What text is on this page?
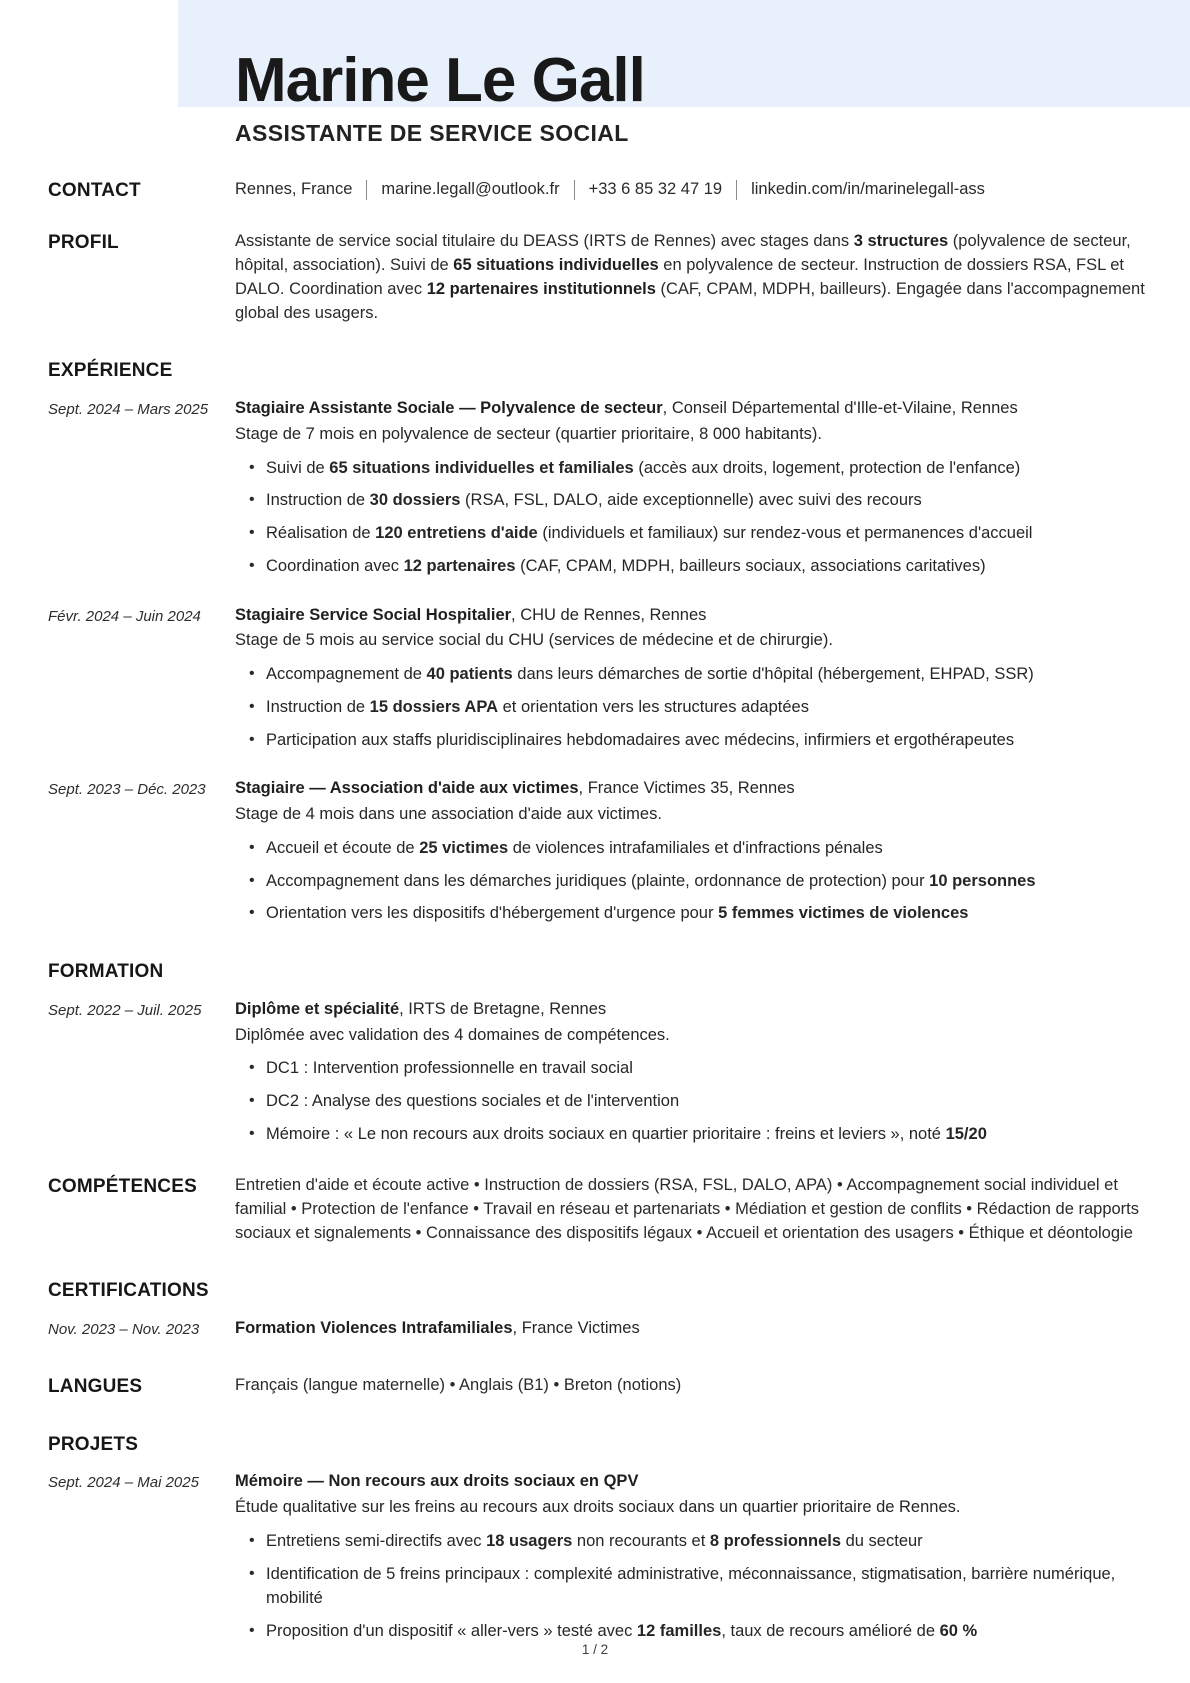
Marine Le Gall
ASSISTANTE DE SERVICE SOCIAL
CONTACT	Rennes, France marine.legall@outlook.fr +33 6 85 32 47 19 linkedin.com/in/marinelegall-ass
PROFIL	Assistante de service social titulaire du DEASS (IRTS de Rennes) avec stages dans 3 structures (polyvalence de secteur, hôpital, association). Suivi de 65 situations individuelles en polyvalence de secteur. Instruction de dossiers RSA, FSL et DALO. Coordination avec 12 partenaires institutionnels (CAF, CPAM, MDPH, bailleurs). Engagée dans l'accompagnement global des usagers.

EXPÉRIENCE
Sept. 2024 – Mars 2025	Stagiaire Assistante Sociale — Polyvalence de secteur, Conseil Départemental d'Ille-et-Vilaine, Rennes

Stage de 7 mois en polyvalence de secteur (quartier prioritaire, 8 000 habitants).

• Suivi de 65 situations individuelles et familiales (accès aux droits, logement, protection de l'enfance)
• Instruction de 30 dossiers (RSA, FSL, DALO, aide exceptionnelle) avec suivi des recours
• Réalisation de 120 entretiens d'aide (individuels et familiaux) sur rendez-vous et permanences d'accueil
• Coordination avec 12 partenaires (CAF, CPAM, MDPH, bailleurs sociaux, associations caritatives)
Févr. 2024 – Juin 2024	Stagiaire Service Social Hospitalier, CHU de Rennes, Rennes

Stage de 5 mois au service social du CHU (services de médecine et de chirurgie).

• Accompagnement de 40 patients dans leurs démarches de sortie d'hôpital (hébergement, EHPAD, SSR)
• Instruction de 15 dossiers APA et orientation vers les structures adaptées
• Participation aux staffs pluridisciplinaires hebdomadaires avec médecins, infirmiers et ergothérapeutes
Sept. 2023 – Déc. 2023	Stagiaire — Association d'aide aux victimes, France Victimes 35, Rennes

Stage de 4 mois dans une association d'aide aux victimes.

• Accueil et écoute de 25 victimes de violences intrafamiliales et d'infractions pénales
• Accompagnement dans les démarches juridiques (plainte, ordonnance de protection) pour 10 personnes
• Orientation vers les dispositifs d'hébergement d'urgence pour 5 femmes victimes de violences
FORMATION
Sept. 2022 – Juil. 2025	Diplôme et spécialité, IRTS de Bretagne, Rennes

Diplômée avec validation des 4 domaines de compétences.

• DC1 : Intervention professionnelle en travail social
• DC2 : Analyse des questions sociales et de l'intervention
• Mémoire : « Le non recours aux droits sociaux en quartier prioritaire : freins et leviers », noté 15/20
COMPÉTENCES	Entretien d'aide et écoute active • Instruction de dossiers (RSA, FSL, DALO, APA) • Accompagnement social individuel et familial • Protection de l'enfance • Travail en réseau et partenariats • Médiation et gestion de conflits • Rédaction de rapports sociaux et signalements • Connaissance des dispositifs légaux • Accueil et orientation des usagers • Éthique et déontologie

CERTIFICATIONS
Nov. 2023 – Nov. 2023	Formation Violences Intrafamiliales, France Victimes

LANGUES	Français (langue maternelle) • Anglais (B1) • Breton (notions)

PROJETS
Sept. 2024 – Mai 2025	Mémoire — Non recours aux droits sociaux en QPV

Étude qualitative sur les freins au recours aux droits sociaux dans un quartier prioritaire de Rennes.

• Entretiens semi-directifs avec 18 usagers non recourants et 8 professionnels du secteur
• Identification de 5 freins principaux : complexité administrative, méconnaissance, stigmatisation, barrière numérique, mobilité
• Proposition d'un dispositif « aller-vers » testé avec 12 familles, taux de recours amélioré de 60 %
1 / 2
